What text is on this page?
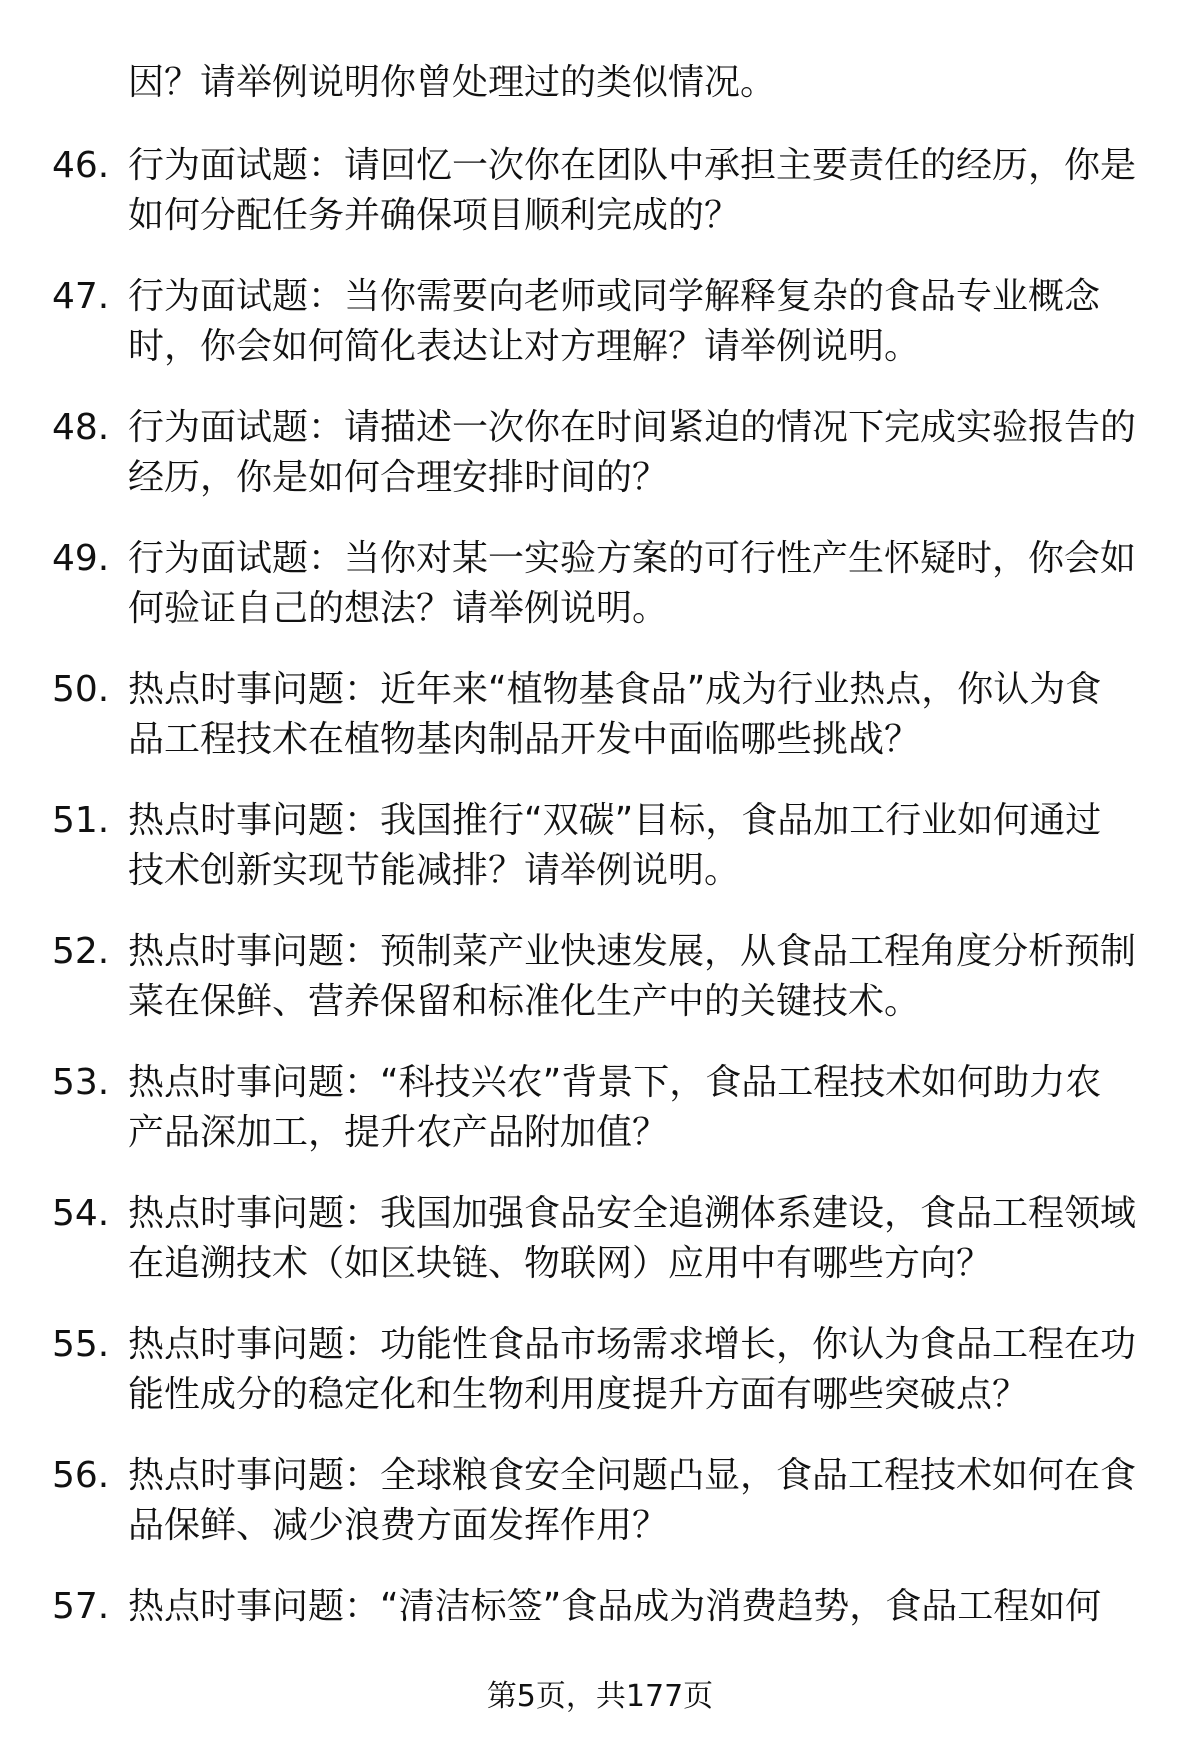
因？请举例说明你曾处理过的类似情况。
46. 行为面试题：请回忆一次你在团队中承担主要责任的经历，你是
如何分配任务并确保项目顺利完成的？
47. 行为面试题：当你需要向老师或同学解释复杂的食品专业概念
时，你会如何简化表达让对方理解？请举例说明。
48. 行为面试题：请描述一次你在时间紧迫的情况下完成实验报告的
经历，你是如何合理安排时间的？
49. 行为面试题：当你对某一实验方案的可行性产生怀疑时，你会如
何验证自己的想法？请举例说明。
50. 热点时事问题：近年来“植物基食品”成为行业热点，你认为食
品工程技术在植物基肉制品开发中面临哪些挑战？
51. 热点时事问题：我国推行“双碳”目标，食品加工行业如何通过
技术创新实现节能减排？请举例说明。
52. 热点时事问题：预制菜产业快速发展，从食品工程角度分析预制
菜在保鲜、营养保留和标准化生产中的关键技术。
53. 热点时事问题：“科技兴农”背景下，食品工程技术如何助力农
产品深加工，提升农产品附加值？
54. 热点时事问题：我国加强食品安全追溯体系建设，食品工程领域
在追溯技术（如区块链、物联网）应用中有哪些方向？
55. 热点时事问题：功能性食品市场需求增长，你认为食品工程在功
能性成分的稳定化和生物利用度提升方面有哪些突破点？
56. 热点时事问题：全球粮食安全问题凸显，食品工程技术如何在食
品保鲜、减少浪费方面发挥作用？
57. 热点时事问题：“清洁标签”食品成为消费趋势，食品工程如何
第5页，共177页
